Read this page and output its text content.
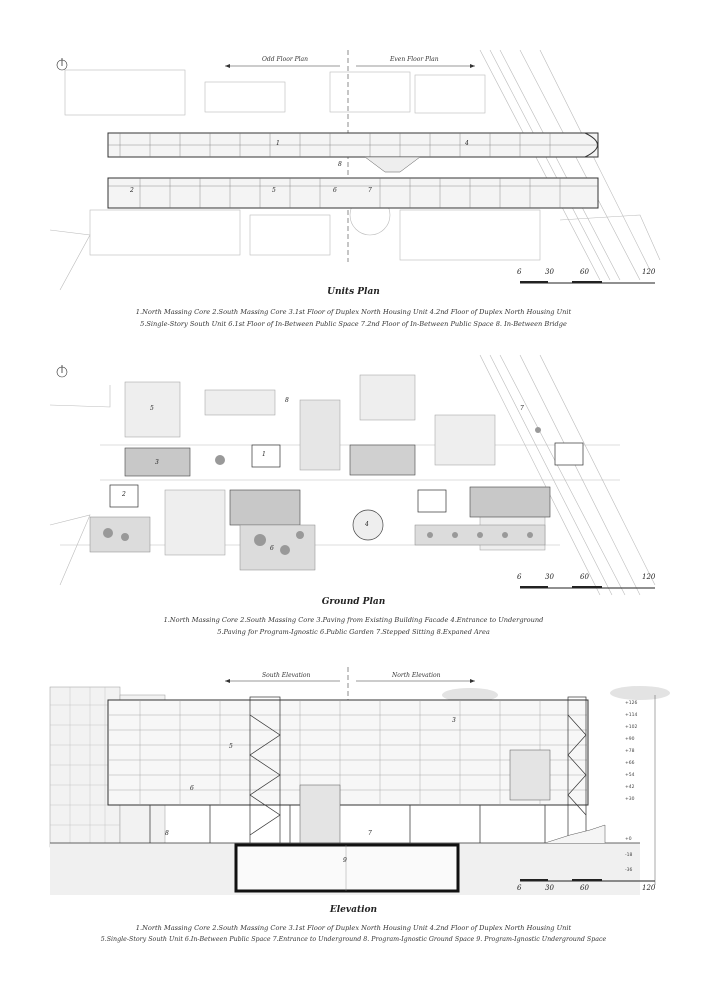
Odd Floor Plan	Even Floor Plan
1	4
2	5	6	7
8
6	30	60	120
Units Plan
1.North Massing Core 2.South Massing Core 3.1st Floor of Duplex North Housing Unit 4.2nd Floor of Duplex North Housing Unit
5.Single-Story South Unit 6.1st Floor of In-Between Public Space 7.2nd Floor of In-Between Public Space 8. In-Between Bridge
1
2
3
4
5
6
7
8
6	30	60	120
Ground Plan
1.North Massing Core 2.South Massing Core 3.Paving from Existing Building Facade 4.Entrance to Underground
5.Paving for Program-Ignostic 6.Public Garden 7.Stepped Sitting 8.Expaned Area
South Elevation	North Elevation
3
5
6
7
8
9
+126
+114
+102
+90
+78
+66
+54
+42
+30
+0
-18
-36
6	30	60	120
Elevation
1.North Massing Core 2.South Massing Core 3.1st Floor of Duplex North Housing Unit 4.2nd Floor of Duplex North Housing Unit
5.Single-Story South Unit 6.In-Between Public Space 7.Entrance to Underground 8. Program-Ignostic Ground Space 9. Program-Ignostic Underground Space
